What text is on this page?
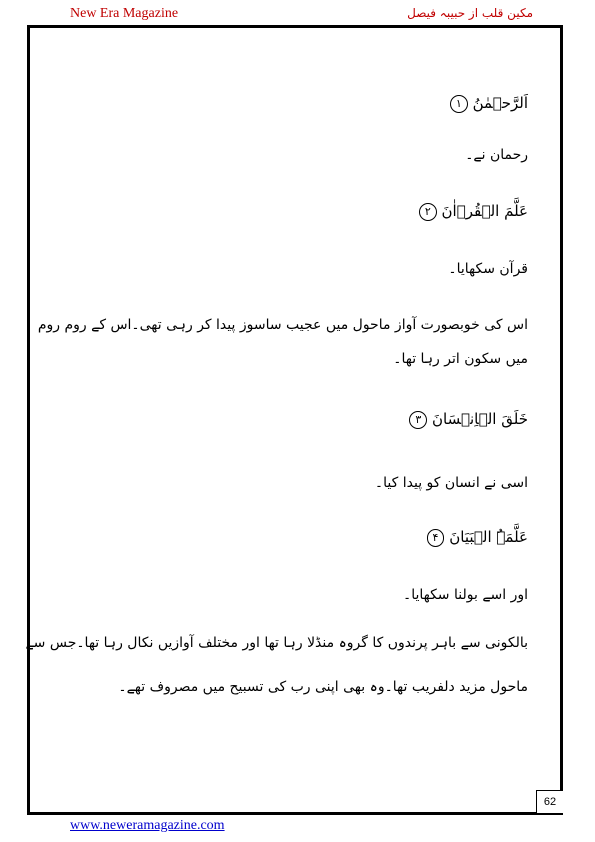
New Era Magazine	مکین قلب از حبیبہ فیصل
اَلرَّحۡمٰنُ ۱
رحمان نے۔
عَلَّمَ الۡقُرۡاٰنَ ۲
قرآن سکھایا۔
اس کی خوبصورت آواز ماحول میں عجیب ساسوز پیدا کر رہی تھی۔اس کے روم روم
میں سکون اتر رہا تھا۔
خَلَقَ الۡاِنۡسَانَ ۳
اسی نے انسان کو پیدا کیا۔
عَلَّمَہُ الۡبَیَانَ ۴
اور اسے بولنا سکھایا۔
بالکونی سے باہر پرندوں کا گروہ منڈلا رہا تھا اور مختلف آوازیں نکال رہا تھا۔جس سے
ماحول مزید دلفریب تھا۔وہ بھی اپنی رب کی تسبیح میں مصروف تھے۔
62
www.neweramagazine.com
